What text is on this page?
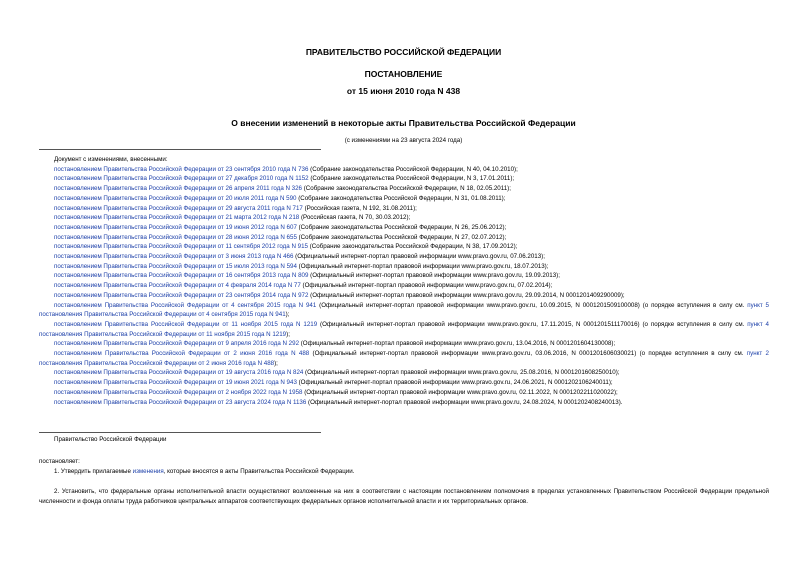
ПРАВИТЕЛЬСТВО РОССИЙСКОЙ ФЕДЕРАЦИИ
ПОСТАНОВЛЕНИЕ
от 15 июня 2010 года N 438
О внесении изменений в некоторые акты Правительства Российской Федерации
(с изменениями на 23 августа 2024 года)
Документ с изменениями, внесенными:
постановлением Правительства Российской Федерации от 23 сентября 2010 года N 736 (Собрание законодательства Российской Федерации, N 40, 04.10.2010);
постановлением Правительства Российской Федерации от 27 декабря 2010 года N 1152 (Собрание законодательства Российской Федерации, N 3, 17.01.2011);
постановлением Правительства Российской Федерации от 26 апреля 2011 года N 326 (Собрание законодательства Российской Федерации, N 18, 02.05.2011);
постановлением Правительства Российской Федерации от 20 июля 2011 года N 590 (Собрание законодательства Российской Федерации, N 31, 01.08.2011);
постановлением Правительства Российской Федерации от 29 августа 2011 года N 717 (Российская газета, N 192, 31.08.2011);
постановлением Правительства Российской Федерации от 21 марта 2012 года N 218 (Российская газета, N 70, 30.03.2012);
постановлением Правительства Российской Федерации от 19 июня 2012 года N 607 (Собрание законодательства Российской Федерации, N 26, 25.06.2012);
постановлением Правительства Российской Федерации от 28 июня 2012 года N 655 (Собрание законодательства Российской Федерации, N 27, 02.07.2012);
постановлением Правительства Российской Федерации от 11 сентября 2012 года N 915 (Собрание законодательства Российской Федерации, N 38, 17.09.2012);
постановлением Правительства Российской Федерации от 3 июня 2013 года N 466 (Официальный интернет-портал правовой информации www.pravo.gov.ru, 07.06.2013);
постановлением Правительства Российской Федерации от 15 июля 2013 года N 594 (Официальный интернет-портал правовой информации www.pravo.gov.ru, 18.07.2013);
постановлением Правительства Российской Федерации от 16 сентября 2013 года N 809 (Официальный интернет-портал правовой информации www.pravo.gov.ru, 19.09.2013);
постановлением Правительства Российской Федерации от 4 февраля 2014 года N 77 (Официальный интернет-портал правовой информации www.pravo.gov.ru, 07.02.2014);
постановлением Правительства Российской Федерации от 23 сентября 2014 года N 972 (Официальный интернет-портал правовой информации www.pravo.gov.ru, 29.09.2014, N 0001201409290009);
постановлением Правительства Российской Федерации от 4 сентября 2015 года N 941 (Официальный интернет-портал правовой информации www.pravo.gov.ru, 10.09.2015, N 0001201509100008) (о порядке вступления в силу см. пункт 5 постановления Правительства Российской Федерации от 4 сентября 2015 года N 941);
постановлением Правительства Российской Федерации от 11 ноября 2015 года N 1219 (Официальный интернет-портал правовой информации www.pravo.gov.ru, 17.11.2015, N 0001201511170016) (о порядке вступления в силу см. пункт 4 постановления Правительства Российской Федерации от 11 ноября 2015 года N 1219);
постановлением Правительства Российской Федерации от 9 апреля 2016 года N 292 (Официальный интернет-портал правовой информации www.pravo.gov.ru, 13.04.2016, N 0001201604130008);
постановлением Правительства Российской Федерации от 2 июня 2016 года N 488 (Официальный интернет-портал правовой информации www.pravo.gov.ru, 03.06.2016, N 0001201606030021) (о порядке вступления в силу см. пункт 2 постановления Правительства Российской Федерации от 2 июня 2016 года N 488);
постановлением Правительства Российской Федерации от 19 августа 2016 года N 824 (Официальный интернет-портал правовой информации www.pravo.gov.ru, 25.08.2016, N 0001201608250010);
постановлением Правительства Российской Федерации от 19 июня 2021 года N 943 (Официальный интернет-портал правовой информации www.pravo.gov.ru, 24.06.2021, N 0001202106240011);
постановлением Правительства Российской Федерации от 2 ноября 2022 года N 1958 (Официальный интернет-портал правовой информации www.pravo.gov.ru, 02.11.2022, N 0001202211020022);
постановлением Правительства Российской Федерации от 23 августа 2024 года N 1136 (Официальный интернет-портал правовой информации www.pravo.gov.ru, 24.08.2024, N 0001202408240013).
Правительство Российской Федерации
постановляет:
1. Утвердить прилагаемые изменения, которые вносятся в акты Правительства Российской Федерации.
2. Установить, что федеральные органы исполнительной власти осуществляют возложенные на них в соответствии с настоящим постановлением полномочия в пределах установленных Правительством Российской Федерации предельной численности и фонда оплаты труда работников центральных аппаратов соответствующих федеральных органов исполнительной власти и их территориальных органов.
